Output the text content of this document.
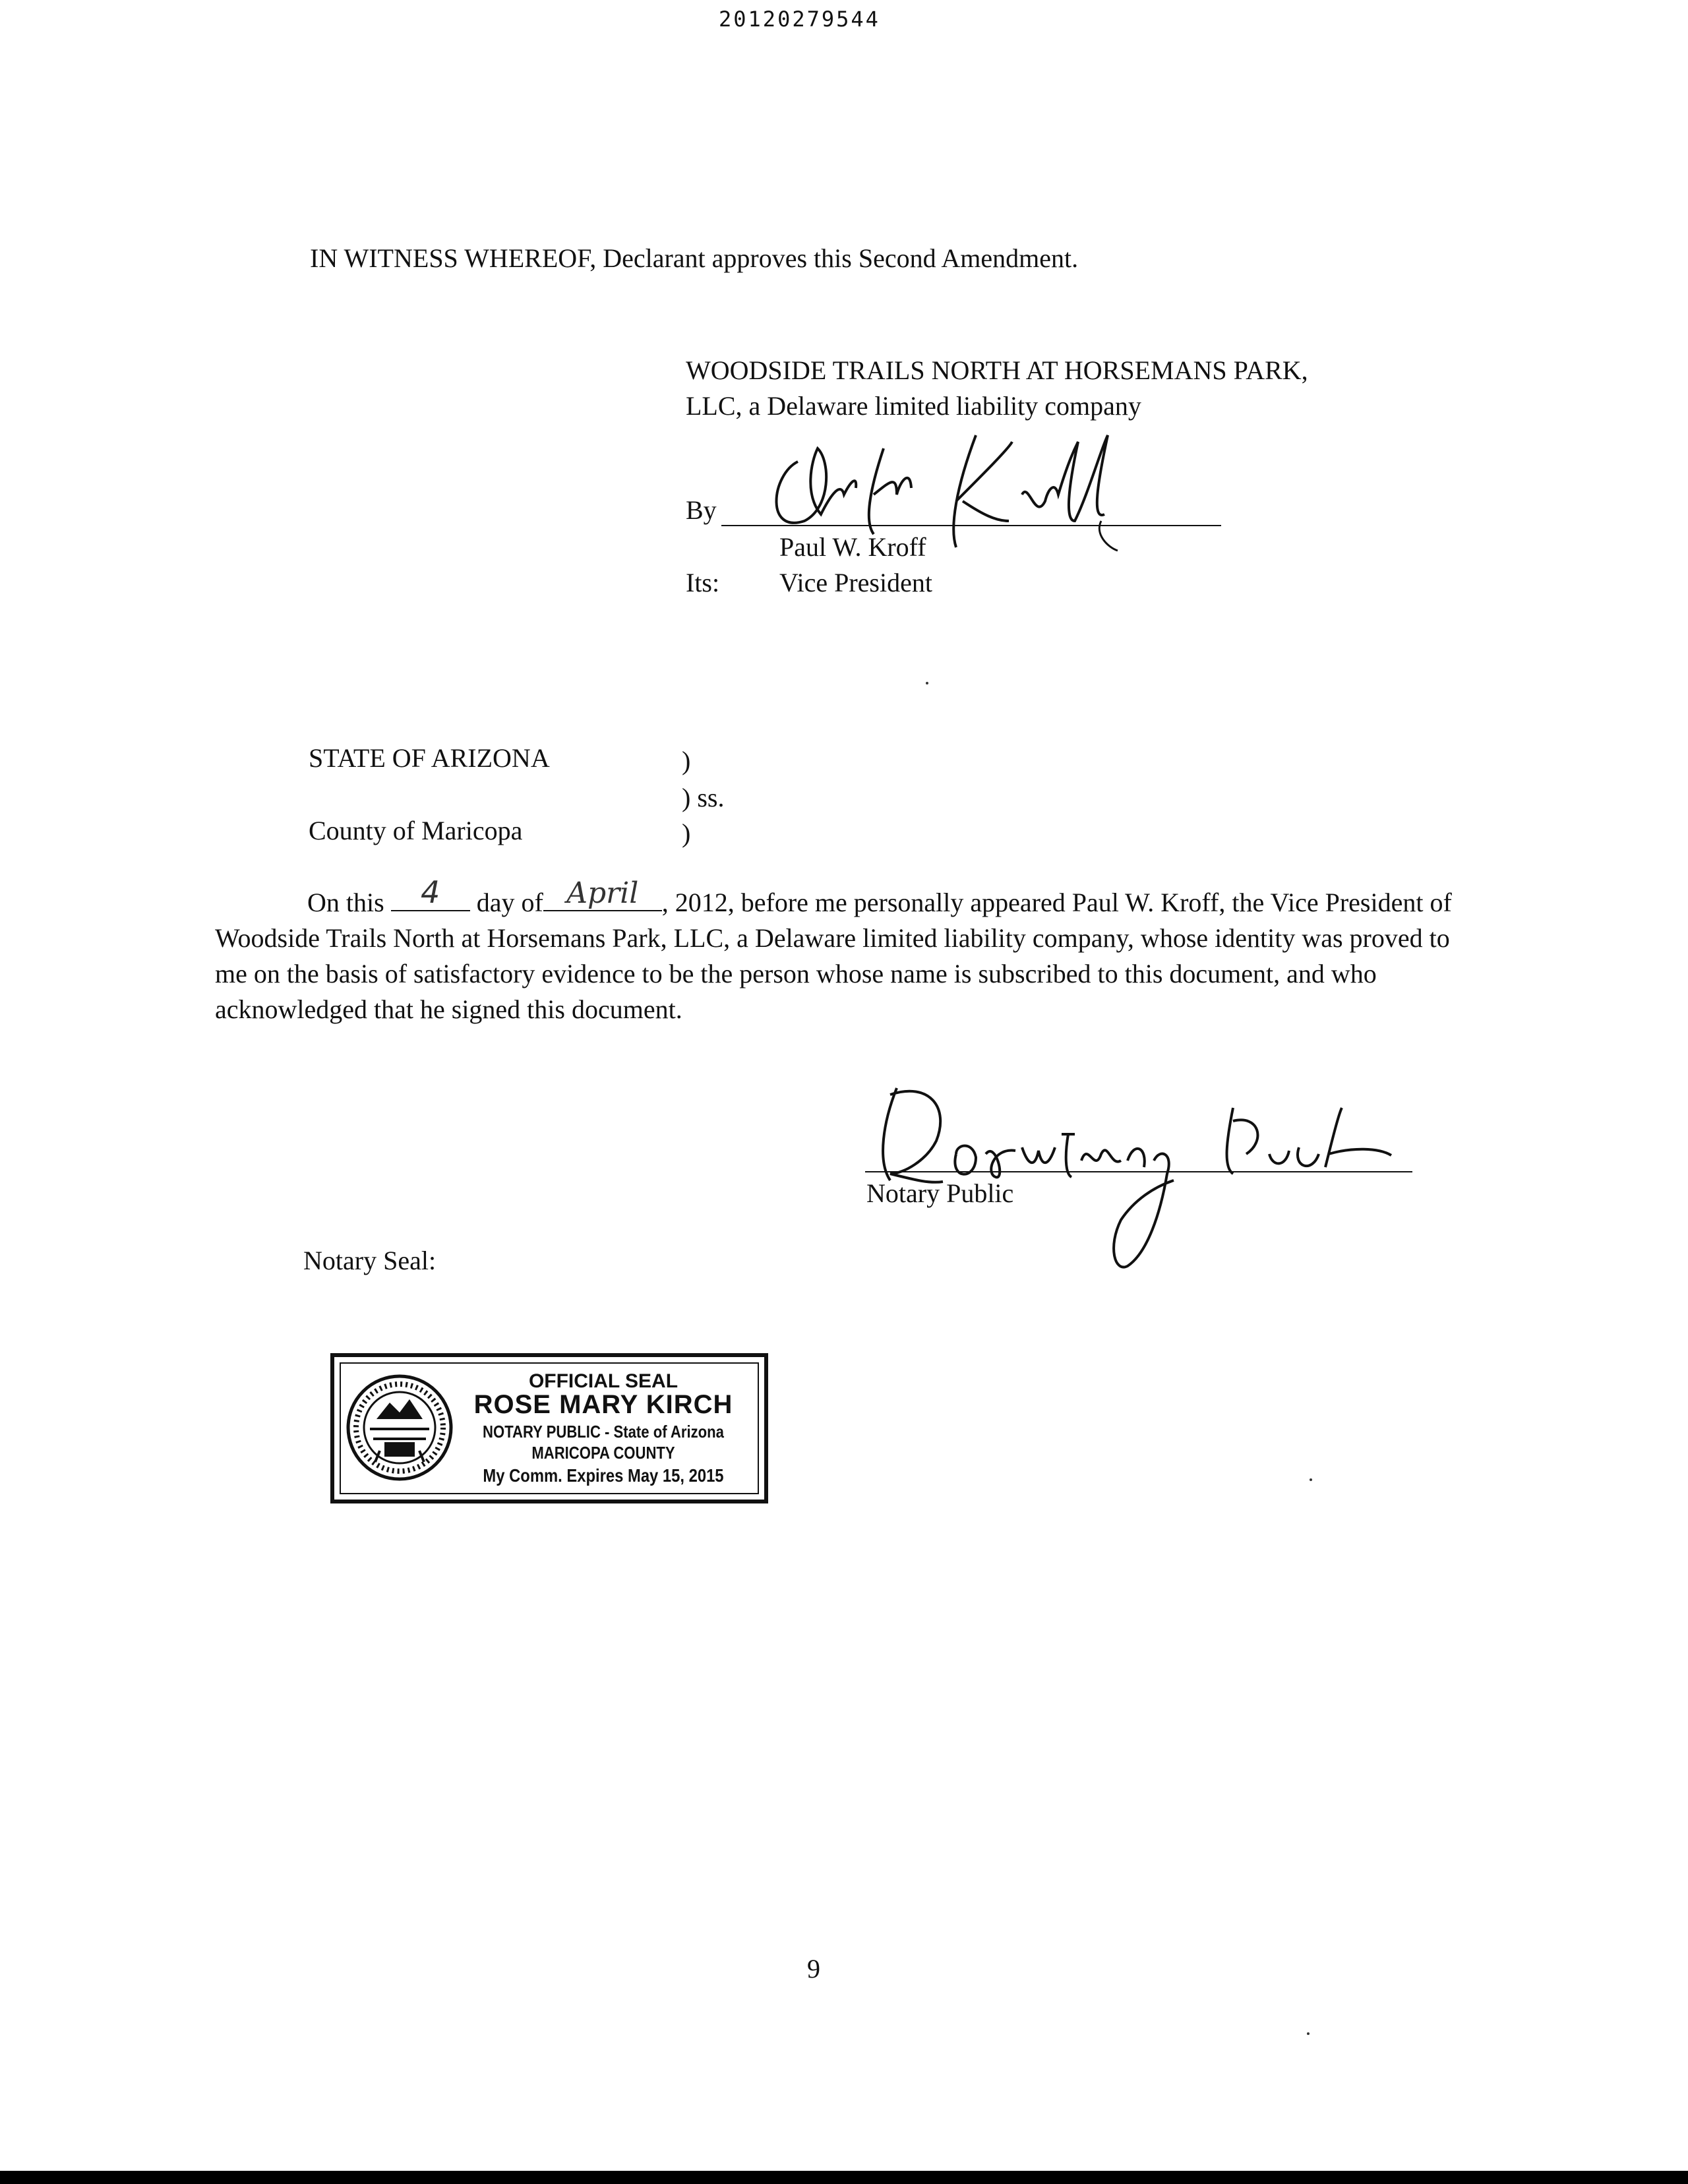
20120279544
IN WITNESS WHEREOF, Declarant approves this Second Amendment.
WOODSIDE TRAILS NORTH AT HORSEMANS PARK,
LLC, a Delaware limited liability company
By
Paul W. Kroff
Its: Vice President
STATE OF ARIZONA	)
) ss.
County of Maricopa	)
On this	4	day of April , 2012, before me personally appeared Paul W. Kroff, the Vice President of Woodside Trails North at Horsemans Park, LLC, a Delaware limited liability company, whose identity was proved to me on the basis of satisfactory evidence to be the person whose name is subscribed to this document, and who acknowledged that he signed this document.
Notary Public
Notary Seal:
OFFICIAL SEAL
ROSE MARY KIRCH
NOTARY PUBLIC - State of Arizona
MARICOPA COUNTY
My Comm. Expires May 15, 2015
9
